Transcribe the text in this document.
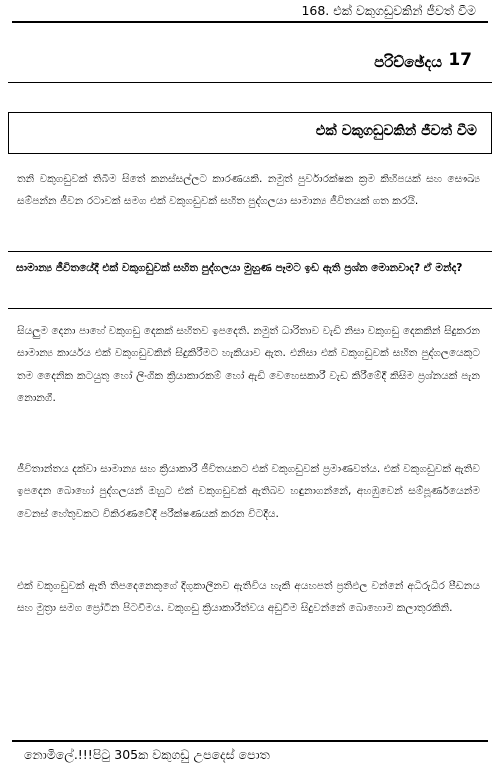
168. එක් වකුගඩුවකින් ජීවත් වීම
පරිච්ඡේදය 17
එක් වකුගඩුවකින් ජීවත් වීම

තනි වකුගඩුවක් තිබීම සිතේ කනස්සල්ලට කාරණයකි. නමුත් පුර්වාරක්ෂක ක්‍රම කිහිපයක් සහ සෞඛ්‍ය සම්පන්න ජීවන රටාවක් සමග එක් වකුගඩුවක් සහිත පුද්ගලයා සාමාන්‍ය ජීවිතයක් ගත කරයි.

සාමාන්‍ය ජීවිතයේදී එක් වකුගඩුවක් සහිත පුද්ගලයා මුහුණ පෑමට ඉඩ ඇති ප්‍රශ්න මොනවාද? ඒ මන්ද?

සියලුම දෙනා පාහේ වකුගඩු දෙකක් සහිතව ඉපදෙති. නමුත් ධාරිතාව වැඩි නිසා වකුගඩු දෙකකින් සිදුකරන සාමාන්‍ය කාර්යය එක් වකුගඩුවකින් සිදුකිරීමට හැකියාව ඇත. එනිසා එක් වකුගඩුවක් සහිත පුද්ගලයෙකුට තම දෛනික කටයුතු හෝ ලිංගික ක්‍රියාකාරකම් හෝ ඇඩි වෙහෙසකාරී වැඩ කිරීමේදී කිසිම ප්‍රශ්නයක් පැන නොනගී.

ජීවිතාන්තය දක්වා සාමාන්‍ය සහ ක්‍රියාකාරී ජීවිතයකට එක් වකුගඩුවක් ප්‍රමාණවත්ය. එක් වකුගඩුවක් ඇතිව ඉපදෙන බොහෝ පුද්ගලයන් ඔහුට එක් වකුගඩුවක් ඇතිබව හඳුනාගන්නේ, අහඹුවෙන් සම්පූර්ණයෙන්ම වෙනස් හේතුවකට විකිරණවේදී පරීක්ෂණයක් කරන විටදීය.

එක් වකුගඩුවක් ඇති තිපදෙනෙකුගේ දිගුකාලීනව ඇතිවිය හැකි අයහපත් ප්‍රතිඵල වන්නේ අධිරුධිර පීඩනය සහ මුත්‍රා සමග ප්‍රෝටීන පිටවීමය. වකුගඩු ක්‍රියාකාරීත්වය අඩුවීම සිදුවන්නේ බොහොම කලාතුරකිනි.

නොමිලේ.!!!පිටු 305ක වකුගඩු උපදෙස් පොත
